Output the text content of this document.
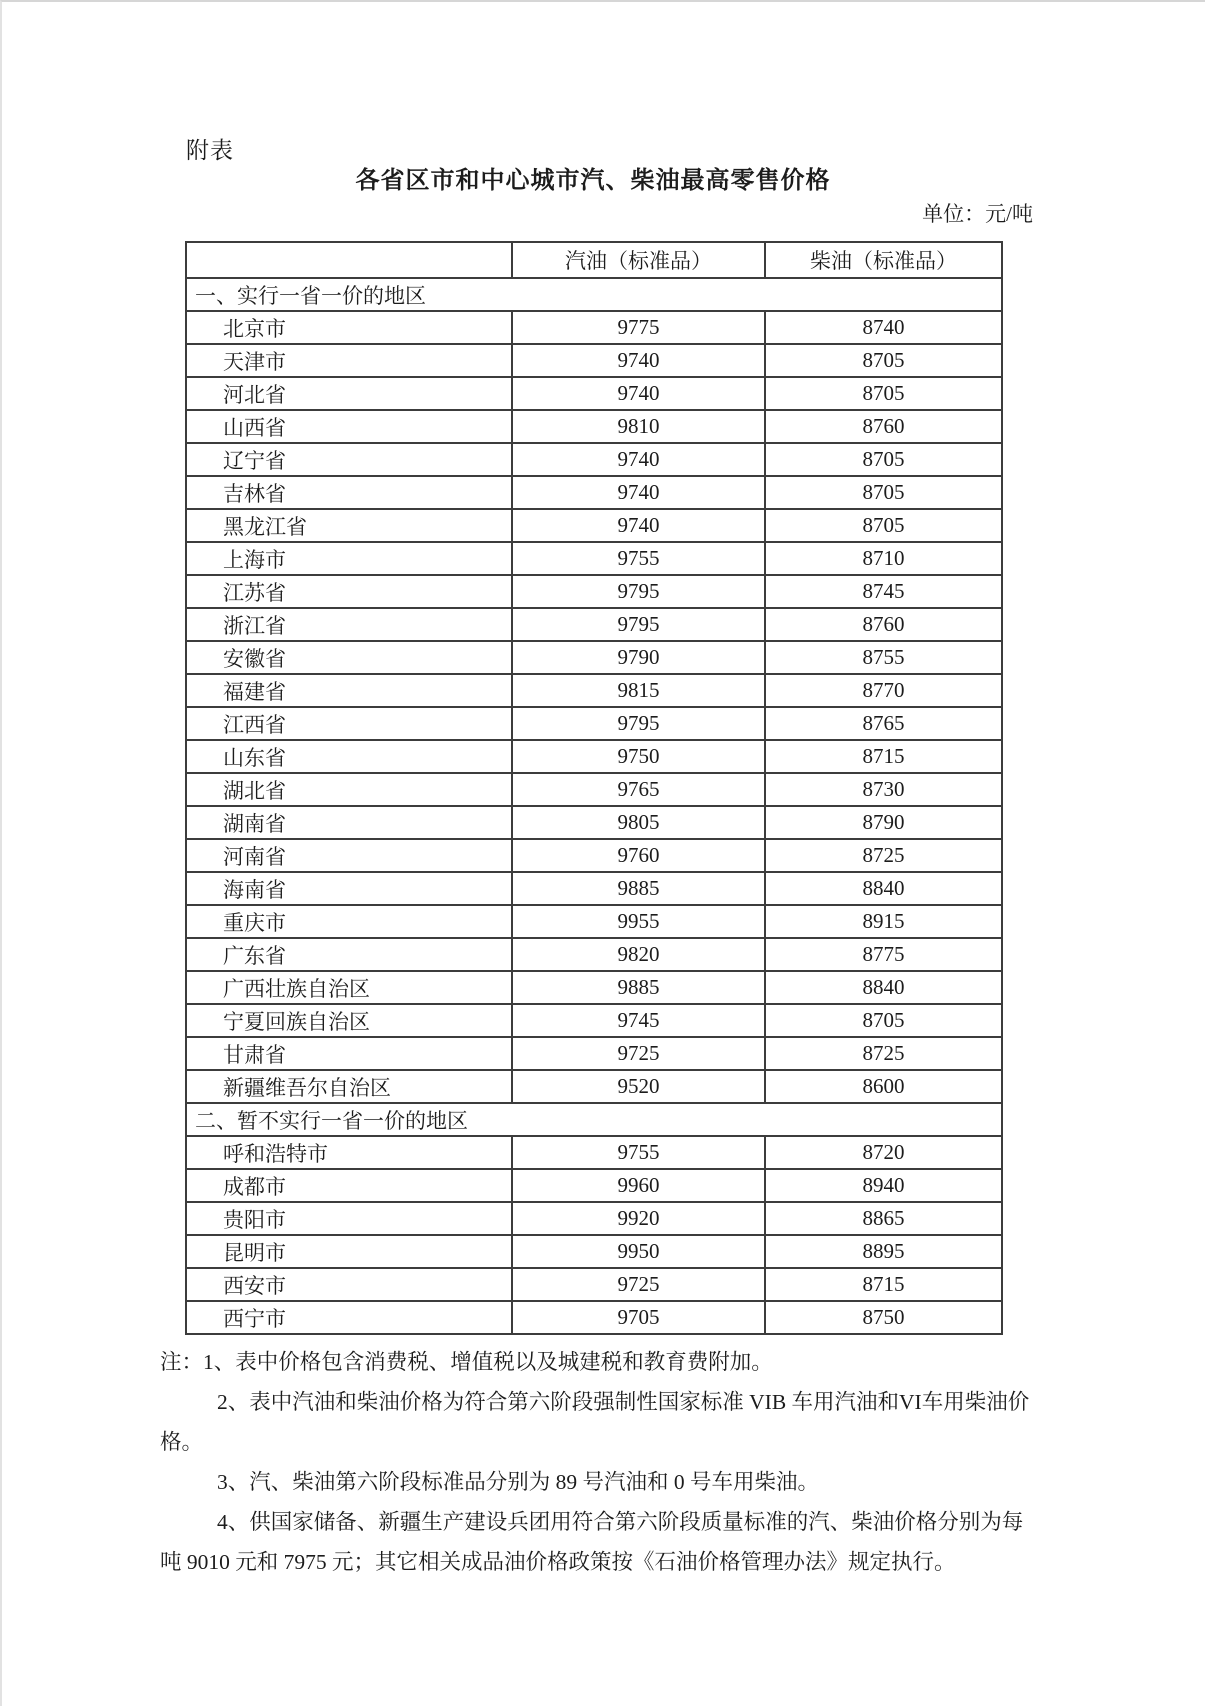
附表
各省区市和中心城市汽、柴油最高零售价格
单位：元/吨
	汽油（标准品）	柴油（标准品）
一、实行一省一价的地区		
北京市	9775	8740
天津市	9740	8705
河北省	9740	8705
山西省	9810	8760
辽宁省	9740	8705
吉林省	9740	8705
黑龙江省	9740	8705
上海市	9755	8710
江苏省	9795	8745
浙江省	9795	8760
安徽省	9790	8755
福建省	9815	8770
江西省	9795	8765
山东省	9750	8715
湖北省	9765	8730
湖南省	9805	8790
河南省	9760	8725
海南省	9885	8840
重庆市	9955	8915
广东省	9820	8775
广西壮族自治区	9885	8840
宁夏回族自治区	9745	8705
甘肃省	9725	8725
新疆维吾尔自治区	9520	8600
二、暂不实行一省一价的地区		
呼和浩特市	9755	8720
成都市	9960	8940
贵阳市	9920	8865
昆明市	9950	8895
西安市	9725	8715
西宁市	9705	8750
注：1、表中价格包含消费税、增值税以及城建税和教育费附加。
2、表中汽油和柴油价格为符合第六阶段强制性国家标准 VIB 车用汽油和VI车用柴油价
格。
3、汽、柴油第六阶段标准品分别为 89 号汽油和 0 号车用柴油。
4、供国家储备、新疆生产建设兵团用符合第六阶段质量标准的汽、柴油价格分别为每
吨 9010 元和 7975 元；其它相关成品油价格政策按《石油价格管理办法》规定执行。
